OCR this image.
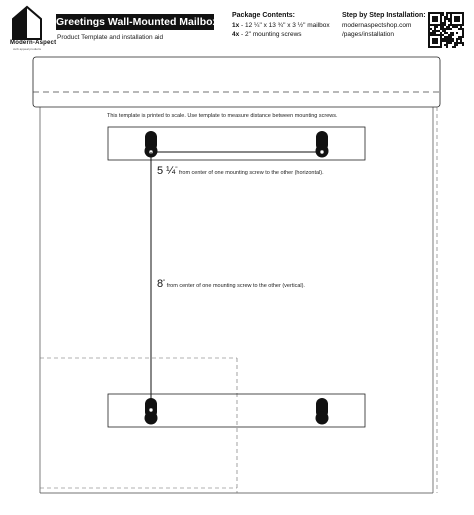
Modern-Aspect
curb appeal products
Greetings Wall-Mounted Mailbox
Product Template and installation aid
Package Contents:
1x - 12 ¼" x 13 ¾" x 3 ½" mailbox
4x - 2" mounting screws
Step by Step Installation:
modernaspectshop.com
/pages/installation
This template is printed to scale. Use template to measure distance between mounting screws.
5 ¼" from center of one mounting screw to the other (horizontal).
8" from center of one mounting screw to the other (vertical).
